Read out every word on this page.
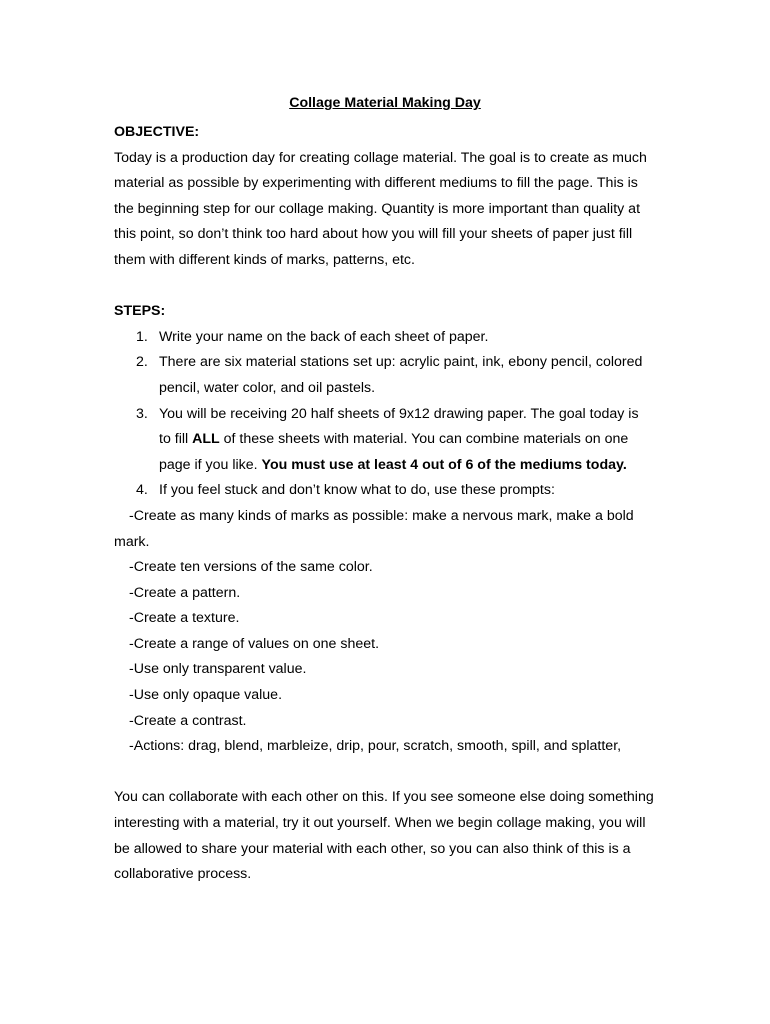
Collage Material Making Day

OBJECTIVE:

Today is a production day for creating collage material. The goal is to create as much material as possible by experimenting with different mediums to fill the page. This is the beginning step for our collage making. Quantity is more important than quality at this point, so don’t think too hard about how you will fill your sheets of paper just fill them with different kinds of marks, patterns, etc.

STEPS:

1. Write your name on the back of each sheet of paper.
2. There are six material stations set up: acrylic paint, ink, ebony pencil, colored pencil, water color, and oil pastels.
3. You will be receiving 20 half sheets of 9x12 drawing paper. The goal today is to fill ALL of these sheets with material. You can combine materials on one page if you like. You must use at least 4 out of 6 of the mediums today.
4. If you feel stuck and don’t know what to do, use these prompts:
-Create as many kinds of marks as possible: make a nervous mark, make a bold mark.
-Create ten versions of the same color.
-Create a pattern.
-Create a texture.
-Create a range of values on one sheet.
-Use only transparent value.
-Use only opaque value.
-Create a contrast.
-Actions: drag, blend, marbleize, drip, pour, scratch, smooth, spill, and splatter,

You can collaborate with each other on this. If you see someone else doing something interesting with a material, try it out yourself. When we begin collage making, you will be allowed to share your material with each other, so you can also think of this is a collaborative process.
